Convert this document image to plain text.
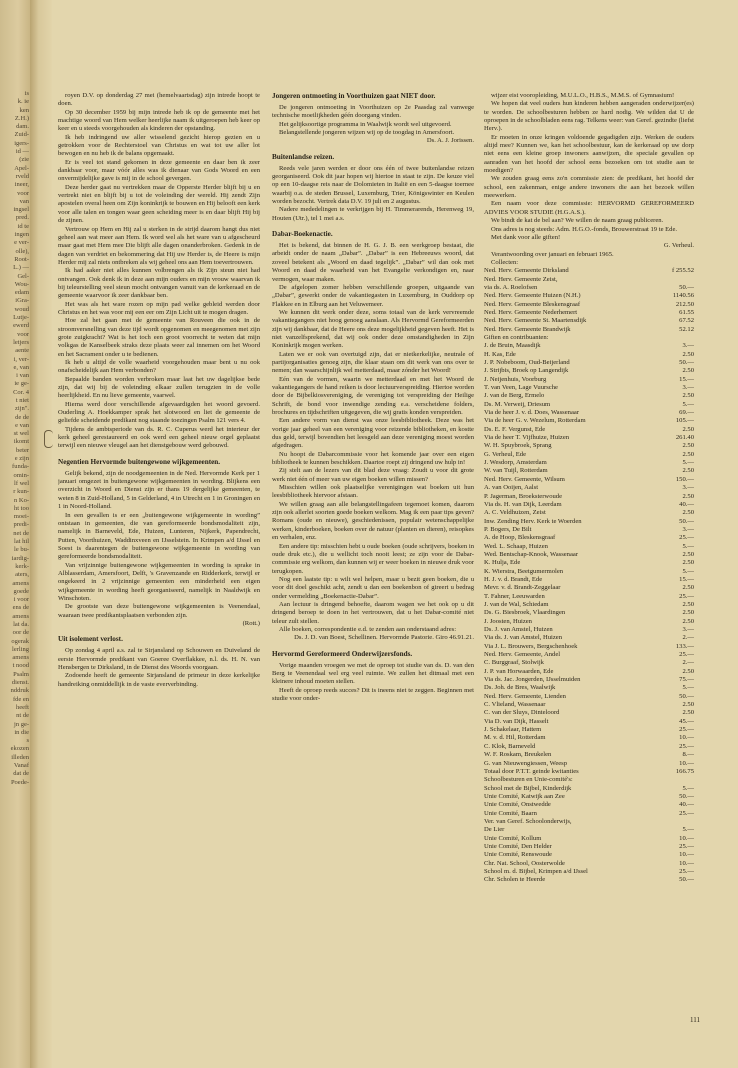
is
k. ie
ken
Z.H.)
dam.
Zuid-
igers-
id —
(zie
Apel-
rveld
ineer,
voor
van
ingsel
pred.
id te
ingen
e ver-
olle),
Root-
L.) —
Gel-
Wou-
edam
iGra-
woud
Lutje-
ewerd
voor
letjers
aente
i, ver-
e, van
i van
ie ge-
Cor. 4
t niet
zijn".
de de
e van
st wel
ikomt
beter
e zijn
funda-
omin-
lf wel
r kun-
n Ko-
ht too
moei-
predi-
net de
lat hil
le bu-
iardig-
kerk-
aters,
amens
goede
i voor
ens de
amens
lat da.
oor de
ogerak
lerling
amens
t nood
Psalm
dienst.
nddruk
fde en
heeft
nt de
jn ge-
in die
s
ekozen
illeden
Vanaf
dat de
Poede-

royen D.V. op donderdag 27 mei (hemelvaartsdag) zijn intrede hoopt te doen.

Op 30 december 1959 bij mijn intrede heb ik op de gemeente met het machtige woord van Hem welker heerlijke naam ik uitgeroepen heb keer op keer en u steeds voorgehouden als kinderen der opstanding.

Ik heb indringend uw aller wisselend gezicht hierop gezien en u getrokken voor de Rechterstoel van Christus en wat tot uw aller lot bewogen en nu heb ik de balans opgemaakt.

Er is veel tot stand gekomen in deze gemeente en daar ben ik zeer dankbaar voor, maar vóór alles was ik dienaar van Gods Woord en een onvermijdelijke gave is mij in de school gevergen.

Deze herder gaat nu vertrekken maar de Opperste Herder blijft bij u en vertrekt niet en blijft bij u tot de voleinding der wereld. Hij zendt Zijn apostelen overal heen om Zijn koninkrijk te bouwen en Hij belooft een kerk voor alle talen en tongen waar geen scheiding meer is en daar blijft Hij bij de zijnen.

Vertrouw op Hem en Hij zal u sterken in de strijd daarom hangt dus niet geheel aan wat meer aan Hem. Ik word wel als het ware van u afgescheurd maar gaat met Hem mee Die blijft alle dagen onanderbroken. Gedenk in de dagen van verdriet en bekommering dat Hij uw Herder is, de Heere is mijn Herder mij zal niets ontbreken als wij geheel ons aan Hem toevertrouwen.

Ik had aaker niet alles kunnen volbrengen als ik Zijn steun niet had ontvangen. Ook denk ik in deze aan mijn ouders en mijn vrouw waarvan ik bij teleurstelling veel steun mocht ontvangen vanuit van de kerkeraad en de gemeente waarvoor ik zeer dankbaar ben.

Het was als het ware rozen op mijn pad welke gebleid werden door Christus en het was voor mij een eer om Zijn Licht uit te mogen dragen.

Hoe zal het gaan met de gemeente van Rouveen die ook in de stroomversnelling van deze tijd wordt opgenomen en meegenomen met zijn grote zuigkracht? Wat is het toch een groot voorrecht te weten dat mijn volkgas de Kanselbeek straks deze plaats weer zal innemen om het Woord en het Sacrament onder u te bedienen.

Ik heb u altijd de volle waarheid voorgehouden maar bent u nu ook onafscheidelijk aan Hem verbonden?

Bepaalde banden worden verbroken maar laat het uw dagelijkse bede zijn, dat wij bij de voleinding elkaar zullen terugzien in de volle heerlijkheid. En nu lieve gemeente, vaarwel.

Hierna werd door verschillende afgevaardigden het woord gevoerd. Ouderling A. Hoekkamper sprak het slotwoord en liet de gemeente de geliefde scheidende predikant nog staande toezingen Psalm 121 vers 4.

Tijdens de ambtsperiode van ds. R. C. Cuperus werd het interieur der kerk geheel gerestaureerd en ook werd een geheel nieuw orgel geplaatst terwijl een nieuwe vleugel aan het dienstgebouw werd gebouwd.

Negentien Hervormde buitengewone wijkgemeenten.

Gelijk bekend, zijn de noodgemeenten in de Ned. Hervormde Kerk per 1 januari omgezet in buitengewone wijkgemeenten in wording. Blijkens een overzicht in Woord en Dienst zijn er thans 19 dergelijke gemeenten, te weten 8 in Zuid-Holland, 5 in Gelderland, 4 in Utrecht en 1 in Groningen en 1 in Noord-Holland.

In een gevallen is er een „buitengewone wijkgemeente in wording” ontstaan in gemeenten, die van gereformeerde bondsmodaliteit zijn, namelijk in Barneveld, Ede, Huizen, Lunteren, Nijkerk, Papendrecht, Putten, Voorthuizen, Waddinxveen en IJsselstein. In Krimpen a/d IJssel en Soest is daarentegen de buitengewone wijkgemeente in wording van gereformeerde bondsmodaliteit.

Van vrijzinnige buitengewone wijkgemeenten in wording is sprake in Alblasserdam, Amersfoort, Delft, 's Gravenzande en Ridderkerk, terwijl er ongekeerd in 2 vrijzinnige gemeenten een minderheid een eigen wijkgemeente in wording heeft georganiseerd, namelijk in Naaldwijk en Winschoten.

De grootste van deze buitengewone wijkgemeenten is Veenendaal, waaraan twee predikantsplaatsen verbonden zijn.

(Rott.)
Uit isolement verlost.

Op zondag 4 april a.s. zal te Sirjansland op Schouwen en Duiveland de eerste Hervormde predikant van Goeree Overflakkee, n.l. ds. H. N. van Hensbergen te Dirksland, in de Dienst des Woords voorgaan.

Zodoende heeft de gemeente Sirjansland de primeur in deze kerkelijke handreiking onmiddellijk in de vaste eververbinding.

Jongeren ontmoeting in Voorthuizen gaat NIET door.

De jongeren ontmoeting in Voorthuizen op 2e Paasdag zal vanwege technische moeilijkheden géén doorgang vinden.

Het gelijksoortige programma in Waalwijk wordt wel uitgevoerd.

Belangstellende jongeren wijzen wij op de toogdag in Amersfoort.

Ds. A. J. Jorissen.
Buitenlandse reizen.

Reeds vele jaren werden er door ons één of twee buitenlandse reizen georganiseerd. Ook dit jaar hopen wij hiertoe in staat te zijn. De keuze viel op een 10-daagse reis naar de Dolomieten in Italië en een 5-daagse toernee waarbij o.a. de steden Brussel, Luxemburg, Trier, Königswinter en Keulen worden bezocht. Vertrek data D.V. 19 juli en 2 augustus.

Nadere mededelingen te verkrijgen bij H. Timmerarends, Herenweg 19, Houten (Utr.), tel 1 mei a.s.

Dabar-Boekenactie.

Het is bekend, dat binnen de H. G. J. B. een werkgroep bestaat, die arbeidt onder de naam „Dabar”. „Dabar” is een Hebreeuws woord, dat zoveel betekent als „Woord en daad tegelijk”. „Dabar” wil dan ook met Woord en daad de waarheid van het Evangelie verkondigen en, naar vermogen, waar maken.

De afgelopen zomer hebben verschillende groepen, uitgaande van „Dabar”, gewerkt onder de vakantiegasten in Luxemburg, in Ouddorp op Flakkee en in Elburg aan het Veluwemeer.

We kunnen dit werk onder deze, soms totaal van de kerk vervreemde vakantiegangers niet hoog genoeg aanslaan. Als Hervormd Gereformeerden zijn wij dankbaar, dat de Heere ons deze mogelijkheid gegeven heeft. Het is niet vanzelfsprekend, dat wij ook onder deze omstandigheden in Zijn Koninkrijk mogen werken.

Laten we er ook van overtuigd zijn, dat er nietkerkelijke, neutrale of partijorganisaties genoeg zijn, die klaar staan om dit werk van ons over te nemen; dan waarschijnlijk wel metterdaad, maar zónder het Woord!

Eén van de vormen, waarin we metterdaad en met het Woord de vakantiegangers de hand reiken is door lectuurverspreiding. Hiertoe worden door de Bijbelkiosvereniging, de vereniging tot verspreiding der Heilige Schrift, de bond voor inwendige zending e.a. verscheidene folders, brochures en tijdschriften uitgegeven, die wij gratis konden verspreiden.

Een andere vorm van dienst was onze leesbibliotheek. Deze was het vorige jaar geheel van een vereniging voor reizende bibliotheken, en kostte dus geld, terwijl bovendien het leesgeld aan deze vereniging moest worden afgedragen.

Nu hoopt de Dabarcommissie voor het komende jaar over een eigen bibliotheek te kunnen beschikken. Daartoe roept zij dringend uw hulp in!

Zij stelt aan de lezers van dit blad deze vraag: Zoudt u voor dit grote werk niet één of meer van uw eigen boeken willen missen?

Misschien willen ook plaatselijke verenigingen wat boeken uit hun leesbibliotheek hiervoor afstaan.

We willen graag aan alle belangstellingafeen tegemoet komen, daarom zijn ook allerlei soorten goede boeken welkom. Mag ik een paar tips geven? Romans (oude en nieuwe), geschiedenissen, populair wetenschappelijke werken, kinderboeken, boeken over de natuur (planten en dieren), reisopkes en verhalen, enz.

Een andere tip: misschien hebt u oude boeken (oude schrijvers, boeken in oude druk etc.), die u wellicht toch nooit leest; ze zijn voor de Dabar-commissie erg welkom, dan kunnen wij er weer boeken in nieuwe druk voor terugkopen.

Nog een laatste tip: u wilt wel helpen, maar u bezit geen boeken, die u voor dit doel geschikt acht, zendt u dan een boekenbon of gireert u bedrag onder vermelding „Boekenactie-Dabar”.

Aan lectuur is dringend behoefte, daarom wagen we het ook op u dit dringend beroep te doen in het vertrouwen, dat u het Dabar-comité niet teleur zult stellen.

Alle boeken, correspondentie e.d. te zenden aan onderstaand adres:

Ds. J. D. van Boest, Schellinen. Hervormde Pastorie. Giro 46.91.21.
Hervormd Gereformeerd Onderwijzersfonds.

Vorige maanden vroegen we met de oproep tot studie van ds. D. van den Berg te Veenendaal wel erg veel ruimte. We zullen het ditmaal met een kleinere inhoud moeten stellen.

Heeft de oproep reeds succes? Dit is ineens niet te zeggen. Beginnen met studie voor onder-

wijzer eist vooropleiding, M.U.L.O., H.B.S., M.M.S. of Gymnasium!

We hopen dat veel ouders hun kinderen hebben aangeraden onderwijzer(es) te worden. De schoolbesturen hebben ze hard nodig. We wilden dat U de oproepen in de schoolbladen eens rag. Telkens weer: van Geref. gezindte (liefst Herv.).

Er moeten in onze kringen voldoende gegadigden zijn. Werken de ouders altijd mee? Kunnen we, kan het schoolbestuur, kan de kerkeraad op uw dorp niet eens een kleine groep inwoners aanwijzen, die speciale gevallen op aanraden van het hoofd der school eens bezoeken om tot studie aan te moedigen?

We zouden graag eens zo'n commissie zien: de predikant, het hoofd der school, een zakenman, enige andere inwoners die aan het bezoek willen meewerken.

Een naam voor deze commissie: HERVORMD GEREFORMEERD ADVIES VOOR STUDIE (H.G.A.S.).

We bindt de kat de bel aan? We willen de naam graag publiceren.

Ons adres is nog steeds: Adm. H.G.O.-fonds, Brouwerstraat 19 te Ede.

Met dank voor alle giften!

G. Verheul.

Verantwoording over januari en februari 1965.

Collecten:

Ned. Herv. Gemeente Dirksland	f 255.52
Ned. Herv. Gemeente Zeist,
via ds. A. Roelofsen	50.—
Ned. Herv. Gemeente Huizen (N.H.)	1140.56
Ned. Herv. Gemeente Bleskensgraaf	212.50
Ned. Herv. Gemeente Nederhemert	61.55
Ned. Herv. Gemeente St. Maartensdijk	67.52
Ned. Herv. Gemeente Brandwijk	52.12
Giften en contribuanten:
J. de Bruin, Maasdijk	3.—
H. Kas, Ede	2.50
J. P. Nobeboom, Oud-Beijerland	50.—
J. Strijbis, Broek op Langendijk	2.50
J. Neijenhuis, Voorburg	15.—
T. van Veen, Lage Vuursche	3.—
J. van de Berg, Ermelo	2.50
Ds. M. Verweij, Driesum	5.—
Via de heer J. v. d. Does, Wassenaar	69.—
Via de heer G. v. Wezelum, Rotterdam	105.—
Ds. E. F. Vergunst, Ede	2.50
Via de heer T. Vijfhuize, Huizen	261.40
W. H. Spuybroek, Sprang	2.50
G. Verheul, Ede	2.50
J. Wesdorp, Amsterdam	5.—
W. van Tuijl, Rotterdam	2.50
Ned. Herv. Gemeente, Wilsum	150.—
A. van Ooijen, Aalst	3.—
P. Jagerman, Broeksterwoude	2.50
Via ds. H. van Dijk, Leerdam	40.—
A. C. Veldhuizen, Zeist	2.50
Inw. Zending Herv. Kerk te Woerden	50.—
P. Bogers, De Bilt	3.—
A. de Hoop, Bleskensgraaf	25.—
Wed. L. Schaap, Huizen	5.—
Wed. Bentschap-Knook, Wassenaar	2.50
K. Hulja, Ede	2.50
K. Wierstra, Beetgumermolen	5.—
H. J. v. d. Brandt, Ede	15.—
Mevr. v. d. Brandt-Zeggelaar	2.50
T. Fahner, Leeuwarden	25.—
J. van de Wal, Schiedam	2.50
Ds. G. Biesbroek, Vlaardingen	2.50
J. Joosten, Huizen	2.50
Ds. J. van Amstel, Huizen	3.—
Via ds. J. van Amstel, Huizen	2.—
Via J. L. Brouwers, Bergschenhoek	133.—
Ned. Herv. Gemeente, Andel	25.—
C. Burggraaf, Stolwijk	2.—
J. P. van Horwaarden, Ede	2.50
Via ds. Jac. Jongerden, IJsselmuiden	75.—
Ds. Joh. de Bres, Waalwijk	5.—
Ned. Herv. Gemeente, Lienden	50.—
C. Vlieland, Wassenaar	2.50
C. van der Sluys, Dinteloord	2.50
Via D. van Dijk, Hasselt	45.—
J. Schakelaar, Hattem	25.—
M. v. d. Hil, Rotterdam	10.—
C. Klok, Barneveld	25.—
W. F. Roskam, Breukelen	8.—
G. van Nieuwengiessen, Weesp	10.—
Totaal door P.T.T. geinde kwitanties	166.75
Schoolbesturen en Unie-comité's:
School met de Bijbel, Kinderdijk	5.—
Unie Comité, Katwijk aan Zee	50.—
Unie Comité, Onstwedde	40.—
Unie Comité, Baarn	25.—
Ver. van Geref. Schoolonderwijs,
De Lier	5.—
Unie Comité, Kollum	10.—
Unie Comité, Den Helder	25.—
Unie Comité, Renswoude	10.—
Chr. Nat. School, Oosterwolde	10.—
School m. d. Bijbel, Krimpen a/d IJssel	25.—
Chr. Scholen te Heerde	50.—
111
